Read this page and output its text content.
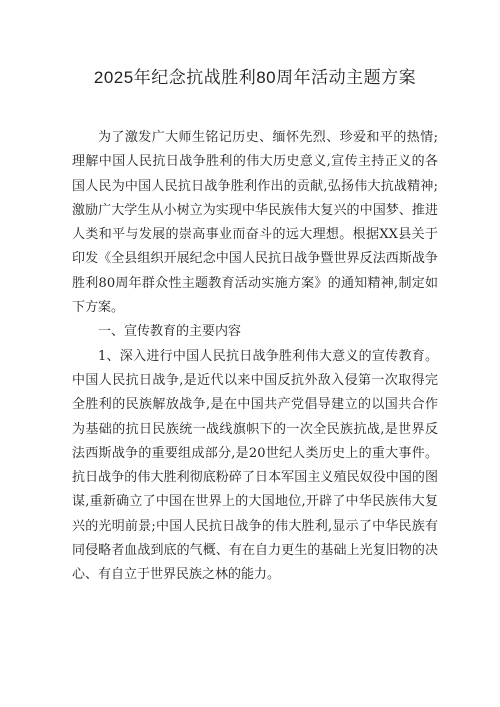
2025年纪念抗战胜利80周年活动主题方案

为了激发广大师生铭记历史、缅怀先烈、珍爱和平的热情;理解中国人民抗日战争胜利的伟大历史意义,宣传主持正义的各国人民为中国人民抗日战争胜利作出的贡献,弘扬伟大抗战精神;激励广大学生从小树立为实现中华民族伟大复兴的中国梦、推进人类和平与发展的崇高事业而奋斗的远大理想。根据XX县关于印发《全县组织开展纪念中国人民抗日战争暨世界反法西斯战争胜利80周年群众性主题教育活动实施方案》的通知精神,制定如下方案。

一、宣传教育的主要内容

1、深入进行中国人民抗日战争胜利伟大意义的宣传教育。中国人民抗日战争,是近代以来中国反抗外敌入侵第一次取得完全胜利的民族解放战争,是在中国共产党倡导建立的以国共合作为基础的抗日民族统一战线旗帜下的一次全民族抗战,是世界反法西斯战争的重要组成部分,是20世纪人类历史上的重大事件。抗日战争的伟大胜利彻底粉碎了日本军国主义殖民奴役中国的图谋,重新确立了中国在世界上的大国地位,开辟了中华民族伟大复兴的光明前景;中国人民抗日战争的伟大胜利,显示了中华民族有同侵略者血战到底的气概、有在自力更生的基础上光复旧物的决心、有自立于世界民族之林的能力。
